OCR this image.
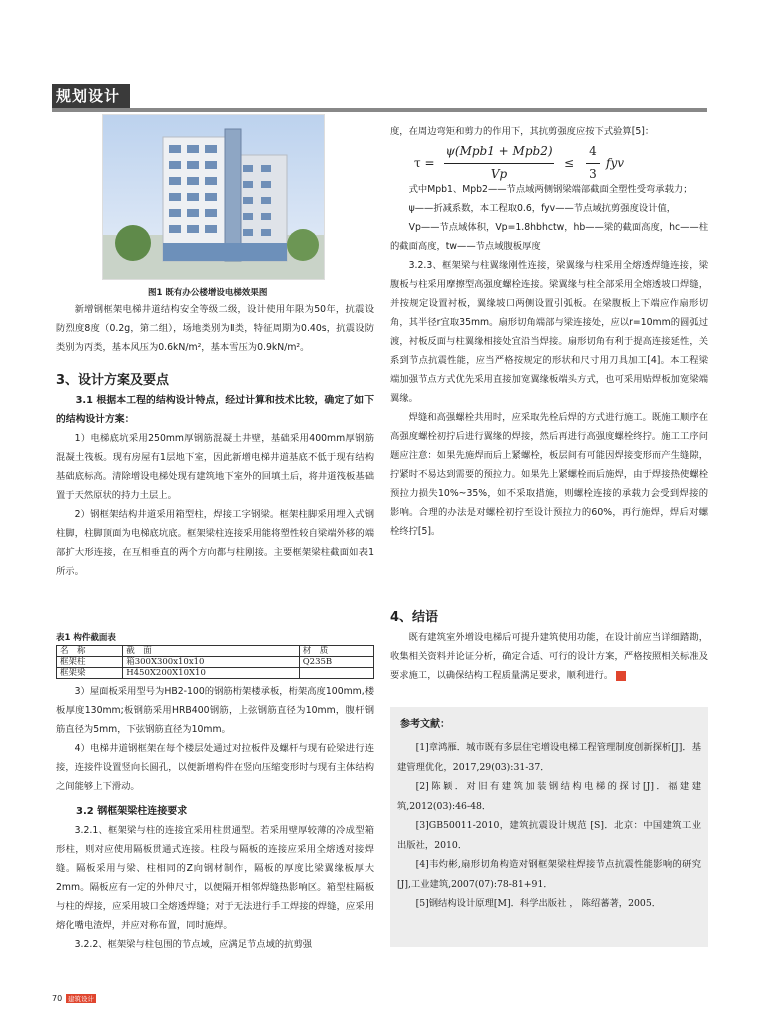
规划设计
图1 既有办公楼增设电梯效果图

新增钢框架电梯井道结构安全等级二级，设计使用年限为50年，抗震设防烈度8度（0.2g，第二组），场地类别为Ⅱ类，特征周期为0.40s，抗震设防类别为丙类，基本风压为0.6kN/m²，基本雪压为0.9kN/m²。

3、设计方案及要点

3.1 根据本工程的结构设计特点，经过计算和技术比较，确定了如下的结构设计方案：

1）电梯底坑采用250mm厚钢筋混凝土井壁，基础采用400mm厚钢筋混凝土筏板。现有房屋有1层地下室，因此新增电梯井道基底不低于现有结构基础底标高。清除增设电梯处现有建筑地下室外的回填土后，将井道筏板基础置于天然原状的持力土层上。

2）钢框架结构井道采用箱型柱，焊接工字钢梁。框架柱脚采用埋入式钢柱脚，柱脚顶面为电梯底坑底。框架梁柱连接采用能将塑性较自梁端外移的端部扩大形连接，在互相垂直的两个方向都与柱刚接。主要框架梁柱截面如表1所示。

表1 构件截面表
名　称	截　面	材　质
框架柱	箱300X300x10x10	Q235B
框架梁	H450X200X10X10	

3）屋面板采用型号为HB2-100的钢筋桁架楼承板，桁架高度100mm,楼板厚度130mm;板钢筋采用HRB400钢筋，上弦钢筋直径为10mm，腹杆钢筋直径为5mm，下弦钢筋直径为10mm。

4）电梯井道钢框架在每个楼层处通过对拉板件及螺杆与现有砼梁进行连接，连接件设置竖向长圆孔，以便新增构件在竖向压缩变形时与现有主体结构之间能够上下滑动。

3.2 钢框架梁柱连接要求

3.2.1、框架梁与柱的连接宜采用柱贯通型。若采用壁厚较薄的冷成型箱形柱，则对应使用隔板贯通式连接。柱段与隔板的连接应采用全熔透对接焊缝。隔板采用与梁、柱相同的Z向钢材制作，隔板的厚度比梁翼缘板厚大2mm。隔板应有一定的外伸尺寸，以便隔开相邻焊缝热影响区。箱型柱隔板与柱的焊接，应采用坡口全熔透焊缝；对于无法进行手工焊接的焊缝，应采用熔化嘴电渣焊，并应对称布置，同时施焊。

3.2.2、框架梁与柱包围的节点域，应满足节点域的抗剪强

度，在周边弯矩和剪力的作用下，其抗剪强度应按下式验算[5]：

τ =
ψ(Mpb1 + Mpb2)
Vp
≤
4
3
fyv

式中Mpb1、Mpb2——节点域两侧钢梁端部截面全塑性受弯承载力；

ψ——折减系数，本工程取0.6，fyv——节点域抗剪强度设计值，

Vp——节点域体积，Vp=1.8hbhctw，hb——梁的截面高度，hc——柱的截面高度，tw——节点域腹板厚度

3.2.3、框架梁与柱翼缘刚性连接，梁翼缘与柱采用全熔透焊缝连接，梁腹板与柱采用摩擦型高强度螺栓连接。梁翼缘与柱全部采用全熔透坡口焊缝，并按规定设置衬板，翼缘坡口两侧设置引弧板。在梁腹板上下端应作扇形切角，其半径r宜取35mm。扇形切角端部与梁连接处，应以r=10mm的圆弧过渡，衬板反面与柱翼缘相接处宜沿当焊接。扇形切角有利于提高连接延性，关系到节点抗震性能，应当严格按规定的形状和尺寸用刀具加工[4]。本工程梁端加强节点方式优先采用直接加宽翼缘板端头方式，也可采用贴焊板加宽梁端翼缘。

焊缝和高强螺栓共用时，应采取先栓后焊的方式进行施工。既施工顺序在高强度螺栓初拧后进行翼缘的焊接，然后再进行高强度螺栓终拧。施工工序问题应注意：如果先施焊而后上紧螺栓，板层间有可能因焊接变形而产生缝隙，拧紧时不易达到需要的预拉力。如果先上紧螺栓而后施焊，由于焊接热使螺栓预拉力损失10%~35%，如不采取措施，则螺栓连接的承载力会受到焊接的影响。合理的办法是对螺栓初拧至设计预拉力的60%，再行施焊，焊后对螺栓终拧[5]。

4、结语

既有建筑室外增设电梯后可提升建筑使用功能，在设计前应当详细踏勘，收集相关资料并论证分析，确定合适、可行的设计方案，严格按照相关标准及要求施工，以确保结构工程质量满足要求，顺利进行。	C

参考文献：

[1]章鸿雁．城市既有多层住宅增设电梯工程管理制度创新探析[J]．基建管理优化，2017,29(03):31-37．

[2]陈颖．对旧有建筑加装钢结构电梯的探讨[J]．福建建筑,2012(03):46-48．

[3]GB50011-2010，建筑抗震设计规范 [S]．北京：中国建筑工业出版社，2010．

[4]韦灼彬,扇形切角构造对钢框架梁柱焊接节点抗震性能影响的研究[J],工业建筑,2007(07):78-81+91．

[5]钢结构设计原理[M]．科学出版社 ， 陈绍蕃著，2005．

70 建筑设计
